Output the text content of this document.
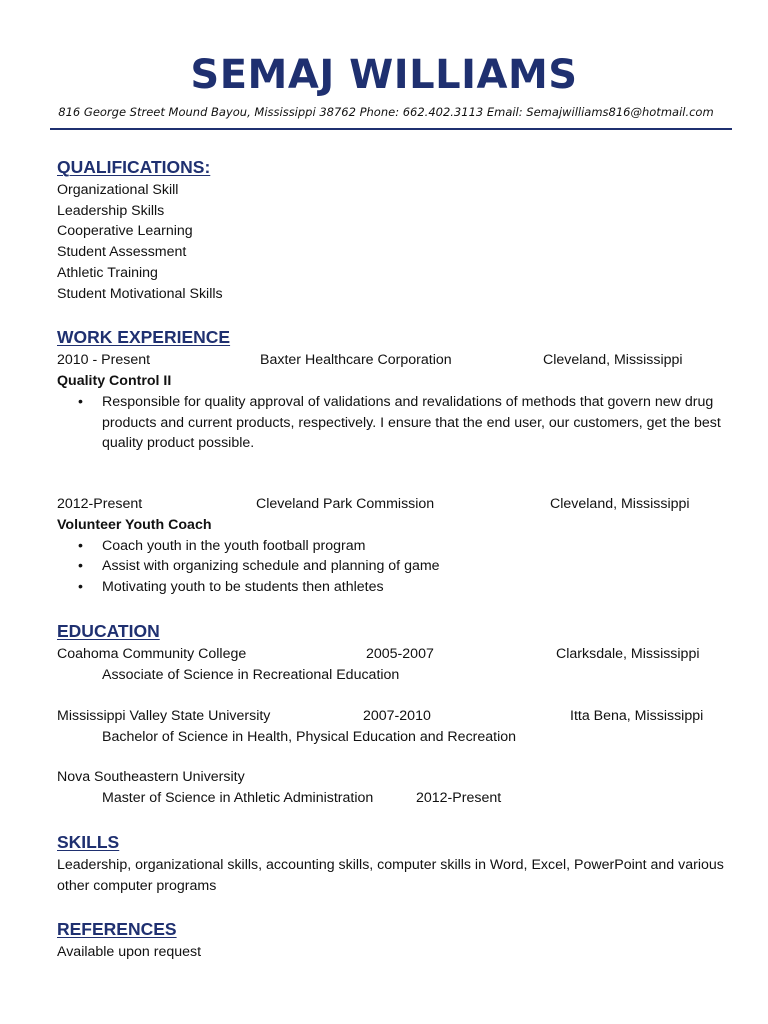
SEMAJ WILLIAMS
816 George Street Mound Bayou, Mississippi 38762 Phone: 662.402.3113 Email: Semajwilliams816@hotmail.com
QUALIFICATIONS:
Organizational Skill
Leadership Skills
Cooperative Learning
Student Assessment
Athletic Training
Student Motivational Skills
WORK EXPERIENCE
2010 - Present	Baxter Healthcare Corporation	Cleveland, Mississippi
Quality Control II
• Responsible for quality approval of validations and revalidations of methods that govern new drug products and current products, respectively. I ensure that the end user, our customers, get the best quality product possible.
2012-Present	Cleveland Park Commission	Cleveland, Mississippi
Volunteer Youth Coach
• Coach youth in the youth football program
• Assist with organizing schedule and planning of game
• Motivating youth to be students then athletes
EDUCATION
Coahoma Community College	2005-2007	Clarksdale, Mississippi
Associate of Science in Recreational Education
Mississippi Valley State University	2007-2010	Itta Bena, Mississippi
Bachelor of Science in Health, Physical Education and Recreation
Nova Southeastern University
Master of Science in Athletic Administration	2012-Present
SKILLS

Leadership, organizational skills, accounting skills, computer skills in Word, Excel, PowerPoint and various other computer programs

REFERENCES

Available upon request
